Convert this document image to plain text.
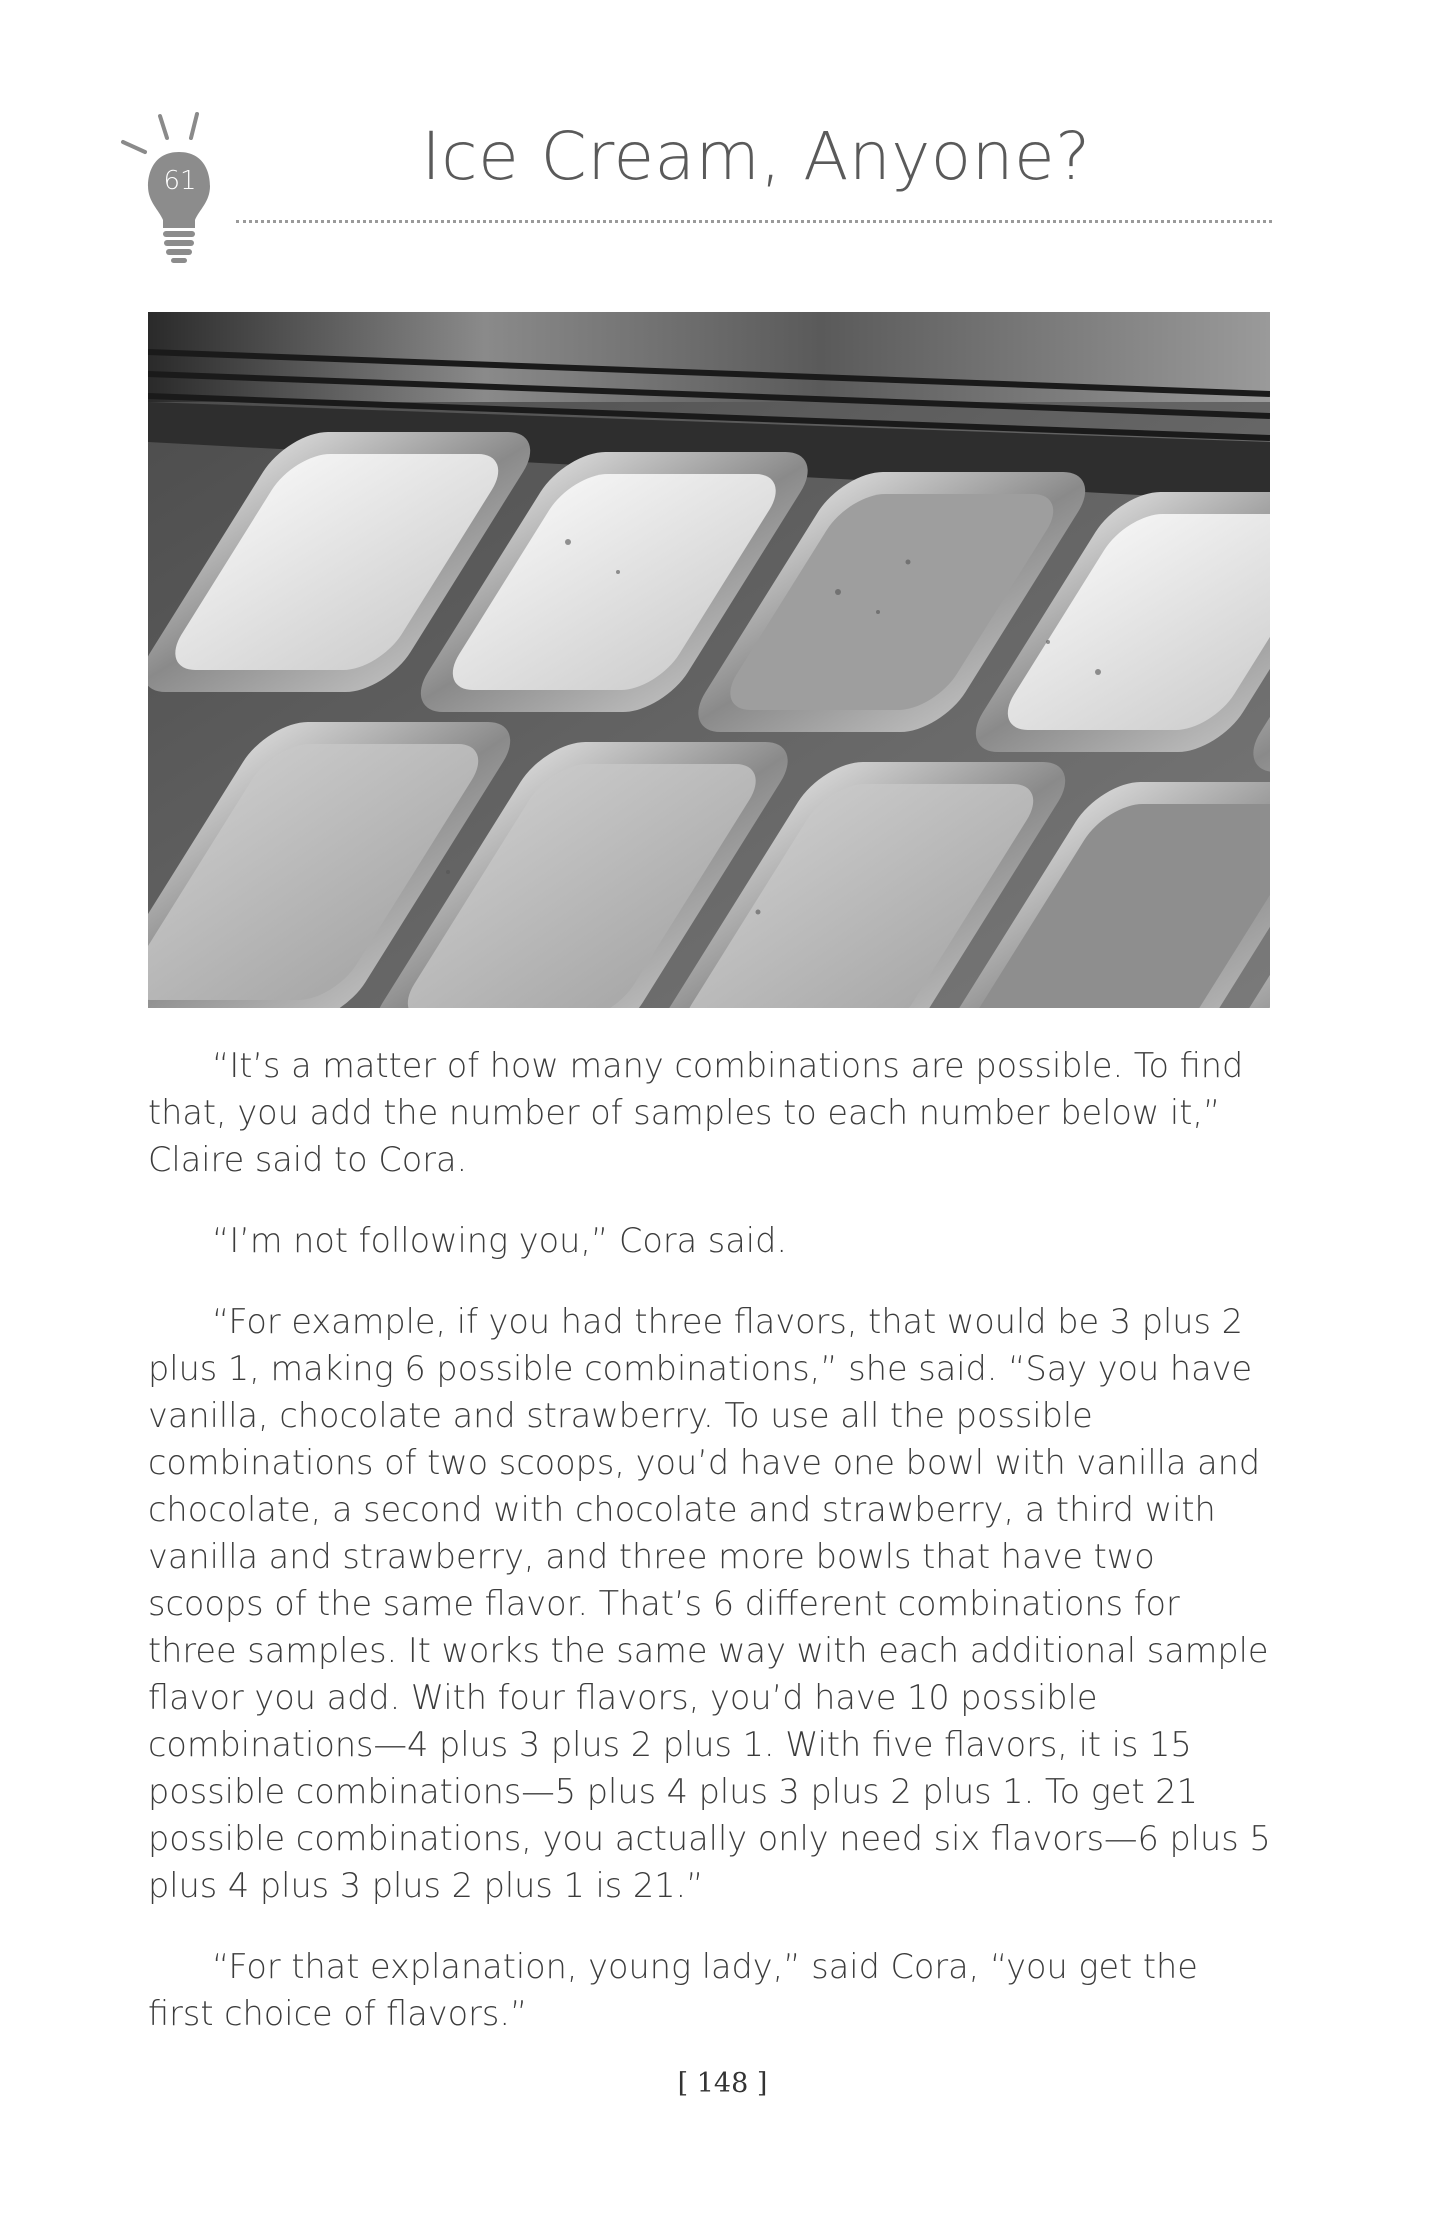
61	Ice Cream, Anyone?

“It’s a matter of how many combinations are possible. To find that, you add the number of samples to each number below it,” Claire said to Cora.

“I’m not following you,” Cora said.

“For example, if you had three flavors, that would be 3 plus 2 plus 1, making 6 possible combinations,” she said. “Say you have vanilla, chocolate and strawberry. To use all the possible combinations of two scoops, you’d have one bowl with vanilla and chocolate, a second with chocolate and strawberry, a third with vanilla and strawberry, and three more bowls that have two scoops of the same flavor. That’s 6 different combinations for three samples. It works the same way with each additional sample flavor you add. With four flavors, you’d have 10 possible combinations—4 plus 3 plus 2 plus 1. With five flavors, it is 15 possible combinations—5 plus 4 plus 3 plus 2 plus 1. To get 21 possible combinations, you actually only need six flavors—6 plus 5 plus 4 plus 3 plus 2 plus 1 is 21.”

“For that explanation, young lady,” said Cora, “you get the first choice of flavors.”

[ 148 ]
